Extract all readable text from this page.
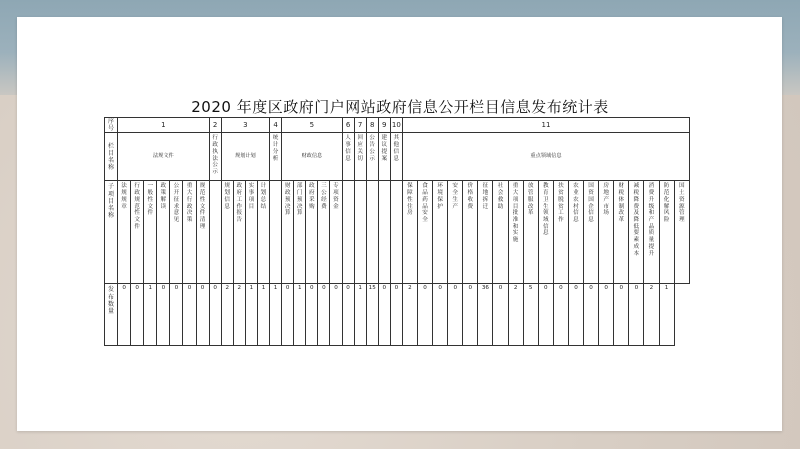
2020 年度区政府门户网站政府信息公开栏目信息发布统计表
序号	1							2	3				4	5					6	7	8	9	10	11																		
栏目名称	法规文件							行政执法公示	规划计划				统计分析	财政信息					人事信息	回应关切	公告公示	建议提案	其他信息	重点领域信息																		
子项目名称	法规规章	行政规范性文件	一般性文件	政策解读	公开征求意见	重大行政决策	规范性文件清理		规划信息	政府工作报告	实事项目	计划总结		财政预决算	部门预决算	政府采购	三公经费	专项资金						保障性住房	食品药品安全	环境保护	安全生产	价格收费	征地拆迁	社会救助	重大项目批准和实施	放管服改革	教育卫生领域信息	扶贫脱贫工作	农业农村信息	国资国企信息	房地产市场	财税体制改革	减税降费及降低要素成本	消费升级和产品质量提升	防范化解风险	国土资源管理
发布数量	0	0	1	0	0	0	0	0	2	2	1	1	1	0	1	0	0	0	0	1	15	0	0	2	0	0	0	0	36	0	2	5	0	0	0	0	0	0	0	2	1	
